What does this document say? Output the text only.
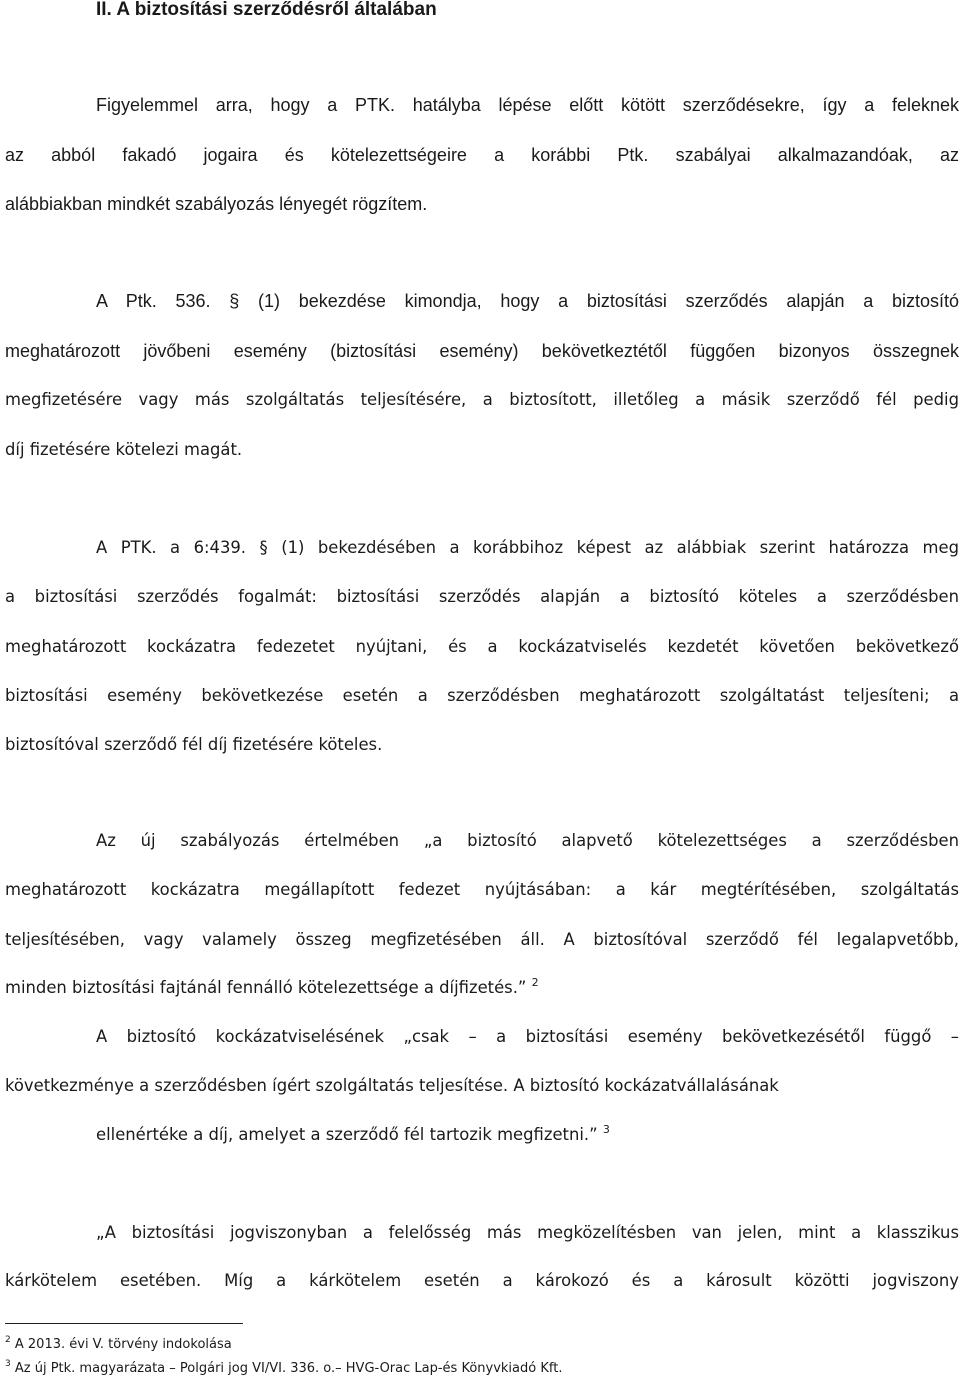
II. A biztosítási szerződésről általában
Figyelemmel arra, hogy a PTK. hatályba lépése előtt kötött szerződésekre, így a feleknek
az abból fakadó jogaira és kötelezettségeire a korábbi Ptk. szabályai alkalmazandóak, az
alábbiakban mindkét szabályozás lényegét rögzítem.
A Ptk. 536. § (1) bekezdése kimondja, hogy a biztosítási szerződés alapján a biztosító
meghatározott jövőbeni esemény (biztosítási esemény) bekövetkeztétől függően bizonyos összegnek
megfizetésére vagy más szolgáltatás teljesítésére, a biztosított, illetőleg a másik szerződő fél pedig
díj fizetésére kötelezi magát.
A PTK. a 6:439. § (1) bekezdésében a korábbihoz képest az alábbiak szerint határozza meg
a biztosítási szerződés fogalmát: biztosítási szerződés alapján a biztosító köteles a szerződésben
meghatározott kockázatra fedezetet nyújtani, és a kockázatviselés kezdetét követően bekövetkező
biztosítási esemény bekövetkezése esetén a szerződésben meghatározott szolgáltatást teljesíteni; a
biztosítóval szerződő fél díj fizetésére köteles.
Az új szabályozás értelmében „a biztosító alapvető kötelezettséges a szerződésben
meghatározott kockázatra megállapított fedezet nyújtásában: a kár megtérítésében, szolgáltatás
teljesítésében, vagy valamely összeg megfizetésében áll. A biztosítóval szerződő fél legalapvetőbb,
minden biztosítási fajtánál fennálló kötelezettsége a díjfizetés.” $^2$
A biztosító kockázatviselésének „csak – a biztosítási esemény bekövetkezésétől függő –
következménye a szerződésben ígért szolgáltatás teljesítése. A biztosító kockázatvállalásának
ellenértéke a díj, amelyet a szerződő fél tartozik megfizetni.” $^3$
„A biztosítási jogviszonyban a felelősség más megközelítésben van jelen, mint a klasszikus
kárkötelem esetében. Míg a kárkötelem esetén a károkozó és a károsult közötti jogviszony
$^2$ A 2013. évi V. törvény indokolása
$^3$ Az új Ptk. magyarázata – Polgári jog VI/VI. 336. o.– HVG-Orac Lap-és Könyvkiadó Kft.
